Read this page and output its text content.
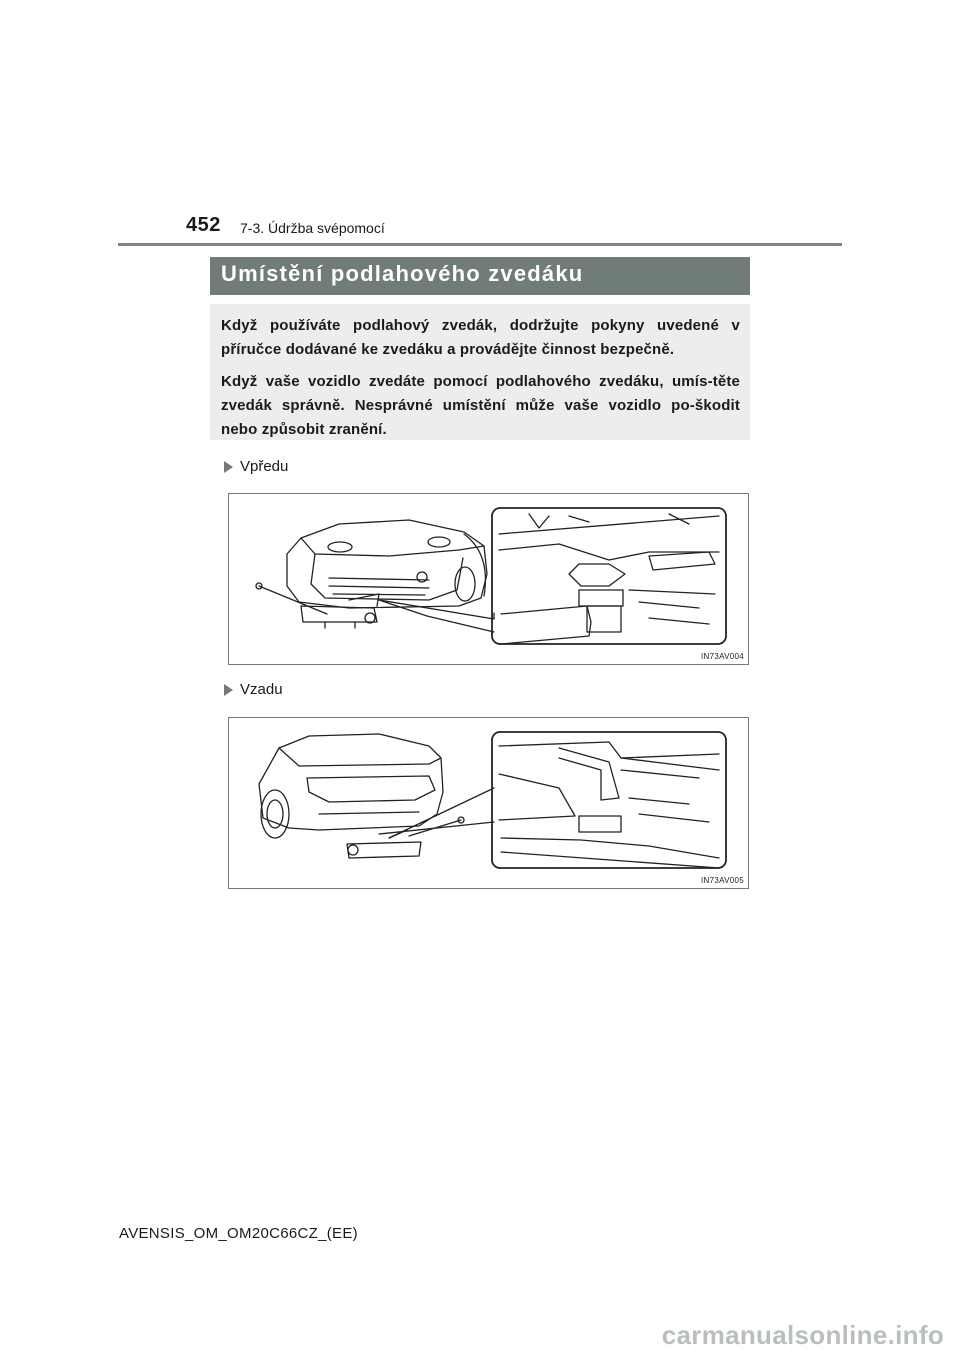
452 7-3. Údržba svépomocí
Umístění podlahového zvedáku

Když používáte podlahový zvedák, dodržujte pokyny uvedené v příručce dodávané ke zvedáku a provádějte činnost bezpečně.

Když vaše vozidlo zvedáte pomocí podlahového zvedáku, umís-těte zvedák správně. Nesprávné umístění může vaše vozidlo po-škodit nebo způsobit zranění.

Vpředu
IN73AV004
Vzadu
IN73AV005
AVENSIS_OM_OM20C66CZ_(EE)
carmanualsonline.info
